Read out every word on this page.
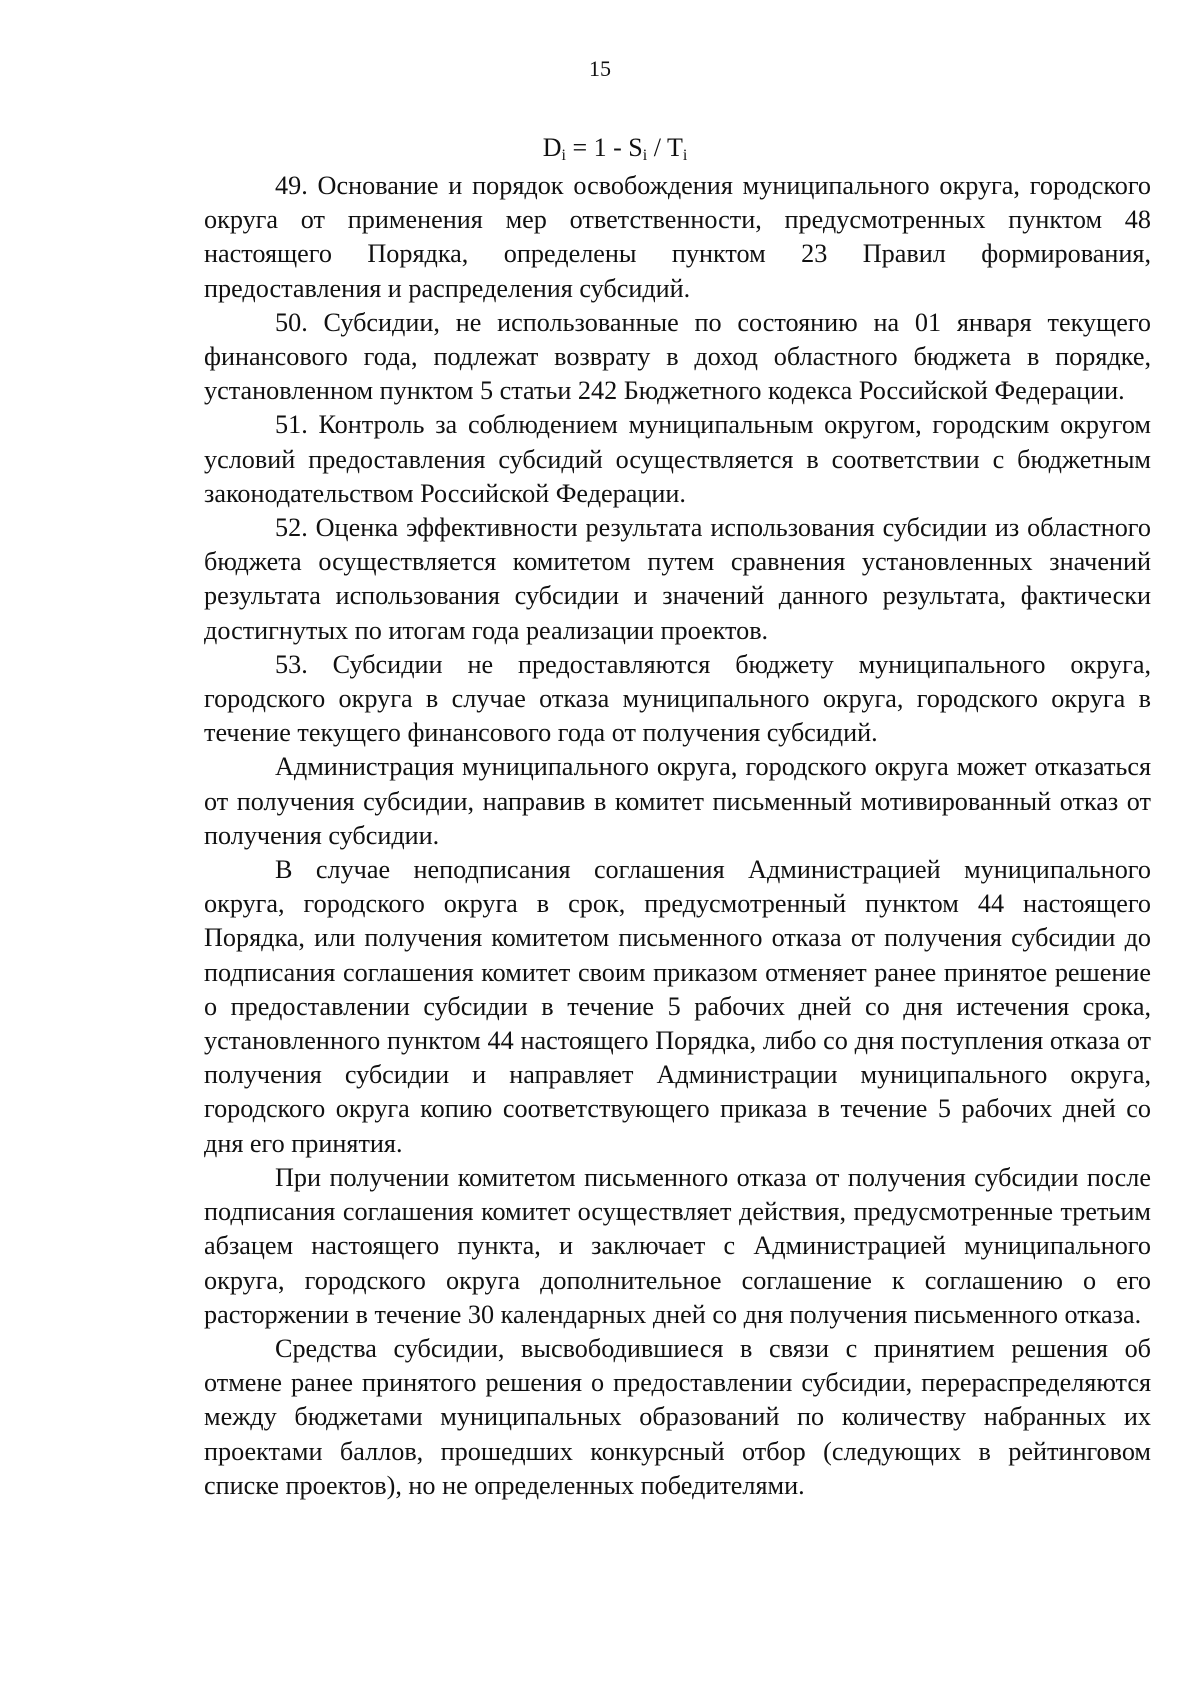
15
$D_i = 1 - S_i / T_i$

49. Основание и порядок освобождения муниципального округа, городского округа от применения мер ответственности, предусмотренных пунктом 48 настоящего Порядка, определены пунктом 23 Правил формирования, предоставления и распределения субсидий.

50. Субсидии, не использованные по состоянию на 01 января текущего финансового года, подлежат возврату в доход областного бюджета в порядке, установленном пунктом 5 статьи 242 Бюджетного кодекса Российской Федерации.

51. Контроль за соблюдением муниципальным округом, городским округом условий предоставления субсидий осуществляется в соответствии с бюджетным законодательством Российской Федерации.

52. Оценка эффективности результата использования субсидии из областного бюджета осуществляется комитетом путем сравнения установленных значений результата использования субсидии и значений данного результата, фактически достигнутых по итогам года реализации проектов.

53. Субсидии не предоставляются бюджету муниципального округа, городского округа в случае отказа муниципального округа, городского округа в течение текущего финансового года от получения субсидий.

Администрация муниципального округа, городского округа может отказаться от получения субсидии, направив в комитет письменный мотивированный отказ от получения субсидии.

В случае неподписания соглашения Администрацией муниципального округа, городского округа в срок, предусмотренный пунктом 44 настоящего Порядка, или получения комитетом письменного отказа от получения субсидии до подписания соглашения комитет своим приказом отменяет ранее принятое решение о предоставлении субсидии в течение 5 рабочих дней со дня истечения срока, установленного пунктом 44 настоящего Порядка, либо со дня поступления отказа от получения субсидии и направляет Администрации муниципального округа, городского округа копию соответствующего приказа в течение 5 рабочих дней со дня его принятия.

При получении комитетом письменного отказа от получения субсидии после подписания соглашения комитет осуществляет действия, предусмотренные третьим абзацем настоящего пункта, и заключает с Администрацией муниципального округа, городского округа дополнительное соглашение к соглашению о его расторжении в течение 30 календарных дней со дня получения письменного отказа.

Средства субсидии, высвободившиеся в связи с принятием решения об отмене ранее принятого решения о предоставлении субсидии, перераспределяются между бюджетами муниципальных образований по количеству набранных их проектами баллов, прошедших конкурсный отбор (следующих в рейтинговом списке проектов), но не определенных победителями.
